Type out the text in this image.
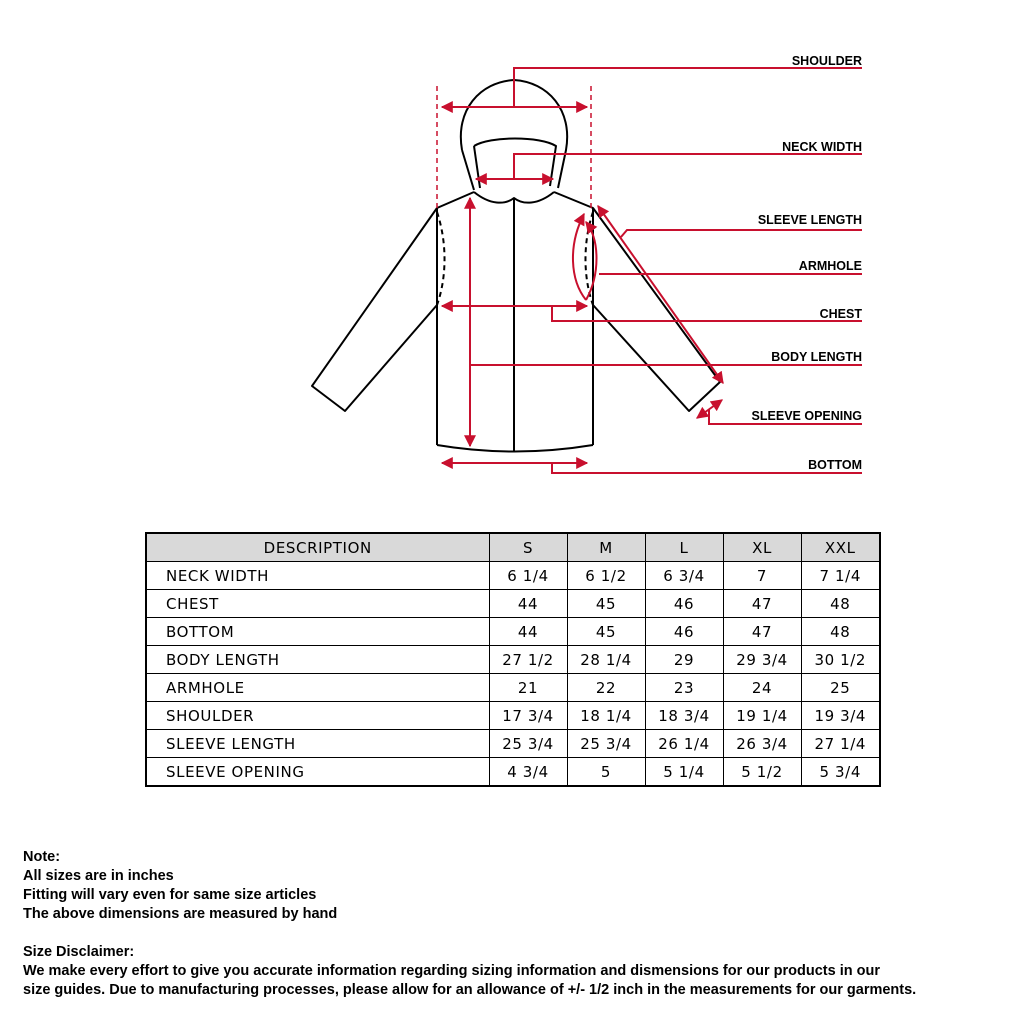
SHOULDER
NECK WIDTH
SLEEVE LENGTH
ARMHOLE
CHEST
BODY LENGTH
SLEEVE OPENING
BOTTOM
DESCRIPTION	S	M	L	XL	XXL
NECK WIDTH	6 1/4	6 1/2	6 3/4	7	7 1/4
CHEST	44	45	46	47	48
BOTTOM	44	45	46	47	48
BODY LENGTH	27 1/2	28 1/4	29	29 3/4	30 1/2
ARMHOLE	21	22	23	24	25
SHOULDER	17 3/4	18 1/4	18 3/4	19 1/4	19 3/4
SLEEVE LENGTH	25 3/4	25 3/4	26 1/4	26 3/4	27 1/4
SLEEVE OPENING	4 3/4	5	5 1/4	5 1/2	5 3/4
Note:
All sizes are in inches
Fitting will vary even for same size articles
The above dimensions are measured by hand
Size Disclaimer:
We make every effort to give you accurate information regarding sizing information and dismensions for our products in our
size guides. Due to manufacturing processes, please allow for an allowance of +/- 1/2 inch in the measurements for our garments.
